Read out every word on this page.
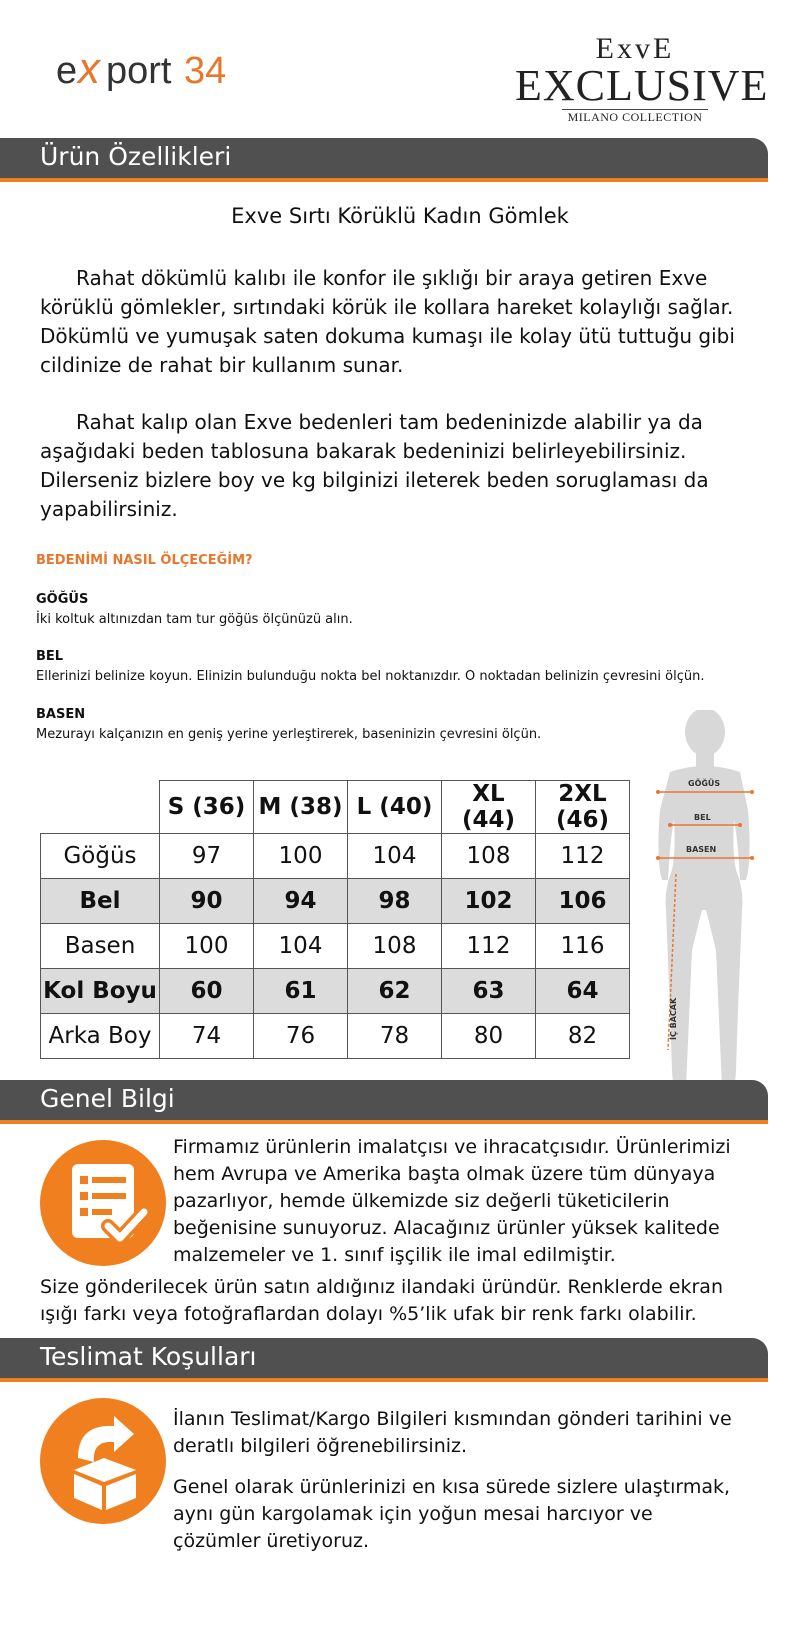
e x port 34
ExvE
EXCLUSIVE
MILANO COLLECTION
Ürün Özellikleri
Exve Sırtı Körüklü Kadın Gömlek
Rahat dökümlü kalıbı ile konfor ile şıklığı bir araya getiren Exve körüklü gömlekler, sırtındaki körük ile kollara hareket kolaylığı sağlar. Dökümlü ve yumuşak saten dokuma kumaşı ile kolay ütü tuttuğu gibi cildinize de rahat bir kullanım sunar.
Rahat kalıp olan Exve bedenleri tam bedeninizde alabilir ya da aşağıdaki beden tablosuna bakarak bedeninizi belirleyebilirsiniz. Dilerseniz bizlere boy ve kg bilginizi ileterek beden soruglaması da yapabilirsiniz.
BEDENİMİ NASIL ÖLÇECEĞİM?
GÖĞÜS
İki koltuk altınızdan tam tur göğüs ölçünüzü alın.
BEL
Ellerinizi belinize koyun. Elinizin bulunduğu nokta bel noktanızdır. O noktadan belinizin çevresini ölçün.
BASEN
Mezurayı kalçanızın en geniş yerine yerleştirerek, baseninizin çevresini ölçün.
	S (36)	M (38)	L (40)	XL (44)	2XL (46)
Göğüs	97	100	104	108	112
Bel	90	94	98	102	106
Basen	100	104	108	112	116
Kol Boyu	60	61	62	63	64
Arka Boy	74	76	78	80	82
GÖĞÜS
BEL
BASEN
İÇ BACAK
Genel Bilgi
Firmamız ürünlerin imalatçısı ve ihracatçısıdır. Ürünlerimizi hem Avrupa ve Amerika başta olmak üzere tüm dünyaya pazarlıyor, hemde ülkemizde siz değerli tüketicilerin beğenisine sunuyoruz. Alacağınız ürünler yüksek kalitede malzemeler ve 1. sınıf işçilik ile imal edilmiştir.
Size gönderilecek ürün satın aldığınız ilandaki üründür. Renklerde ekran ışığı farkı veya fotoğraflardan dolayı %5’lik ufak bir renk farkı olabilir.
Teslimat Koşulları
İlanın Teslimat/Kargo Bilgileri kısmından gönderi tarihini ve deratlı bilgileri öğrenebilirsiniz.
Genel olarak ürünlerinizi en kısa sürede sizlere ulaştırmak, aynı gün kargolamak için yoğun mesai harcıyor ve çözümler üretiyoruz.
